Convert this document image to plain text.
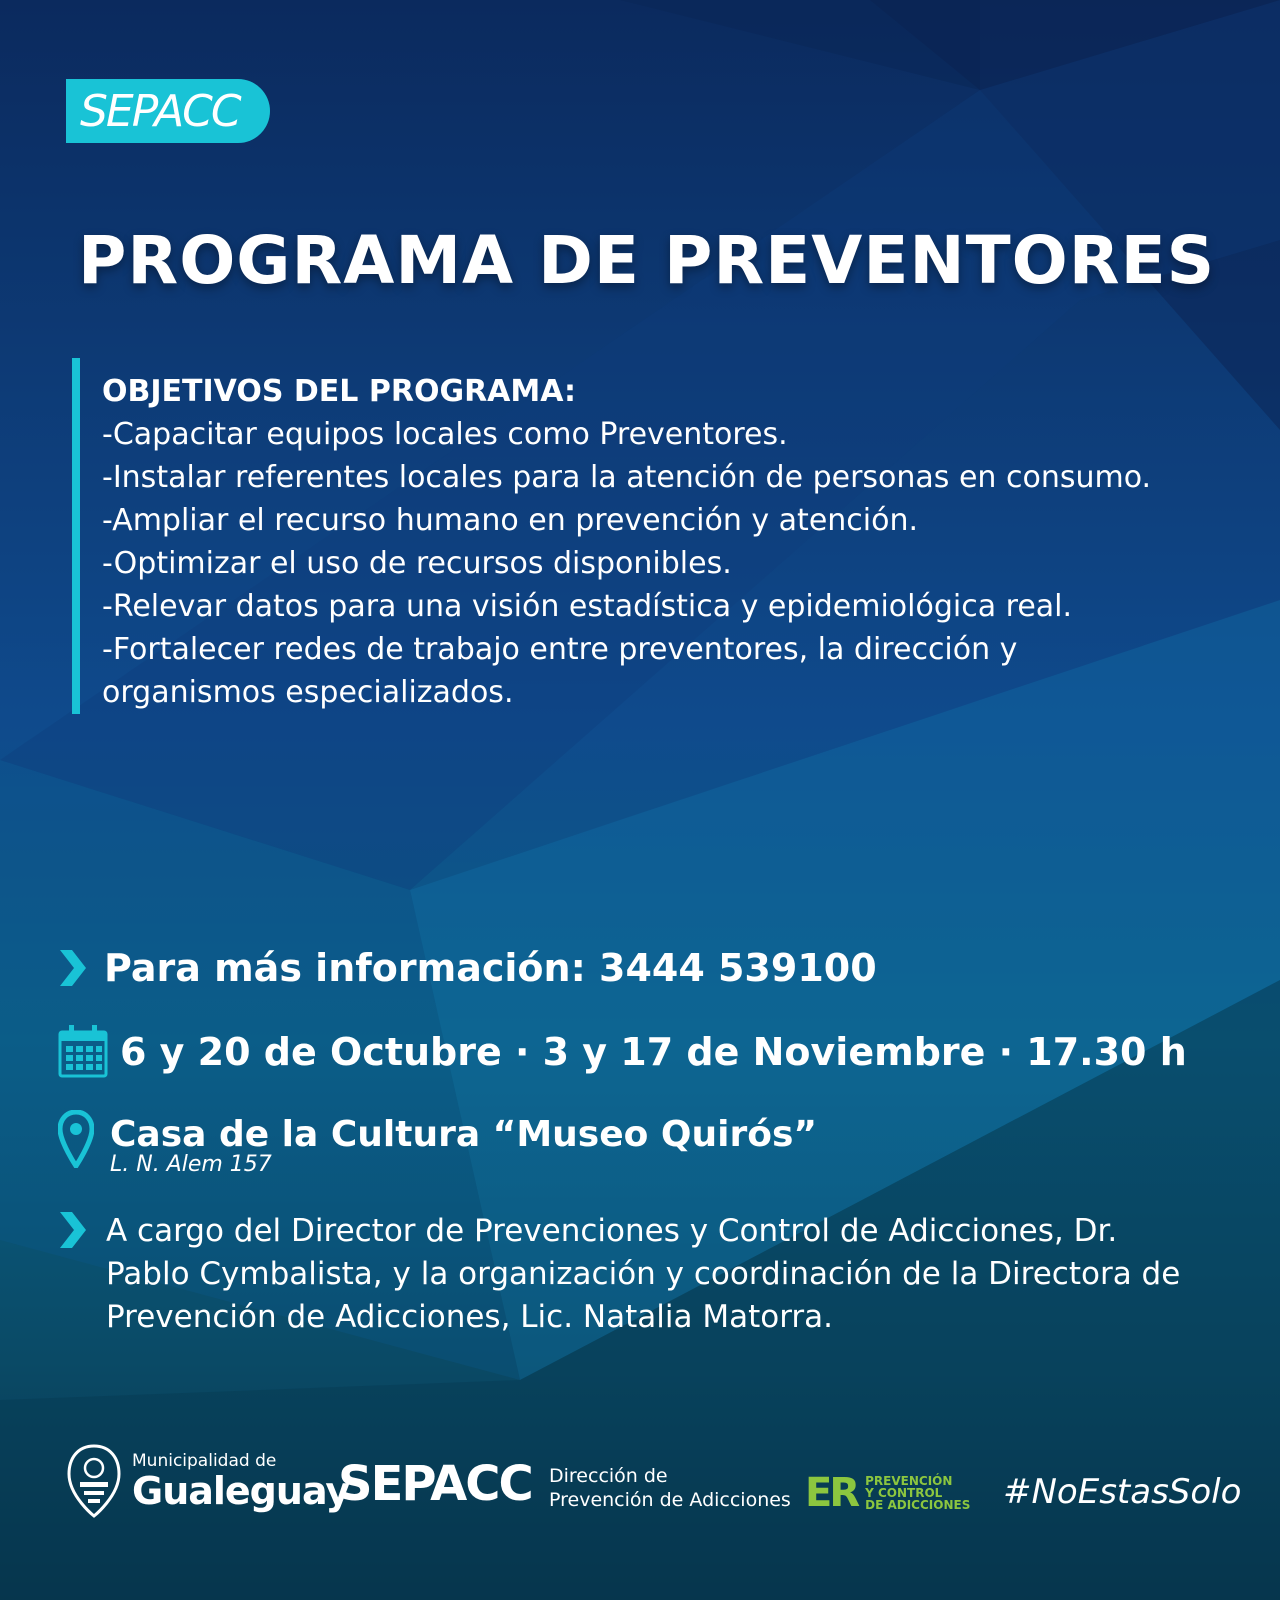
SEPACC
PROGRAMA DE PREVENTORES
OBJETIVOS DEL PROGRAMA:
-Capacitar equipos locales como Preventores.
-Instalar referentes locales para la atención de personas en consumo.
-Ampliar el recurso humano en prevención y atención.
-Optimizar el uso de recursos disponibles.
-Relevar datos para una visión estadística y epidemiológica real.
-Fortalecer redes de trabajo entre preventores, la dirección y
organismos especializados.
Para más información: 3444 539100
6 y 20 de Octubre · 3 y 17 de Noviembre · 17.30 h
Casa de la Cultura “Museo Quirós”
L. N. Alem 157
A cargo del Director de Prevenciones y Control de Adicciones, Dr. Pablo Cymbalista, y la organización y coordinación de la Directora de Prevención de Adicciones, Lic. Natalia Matorra.
Municipalidad de
Gualeguay
SEPACC Dirección de
Prevención de Adicciones ER PREVENCIÓN
Y CONTROL
DE ADICCIONES #NoEstasSolo
